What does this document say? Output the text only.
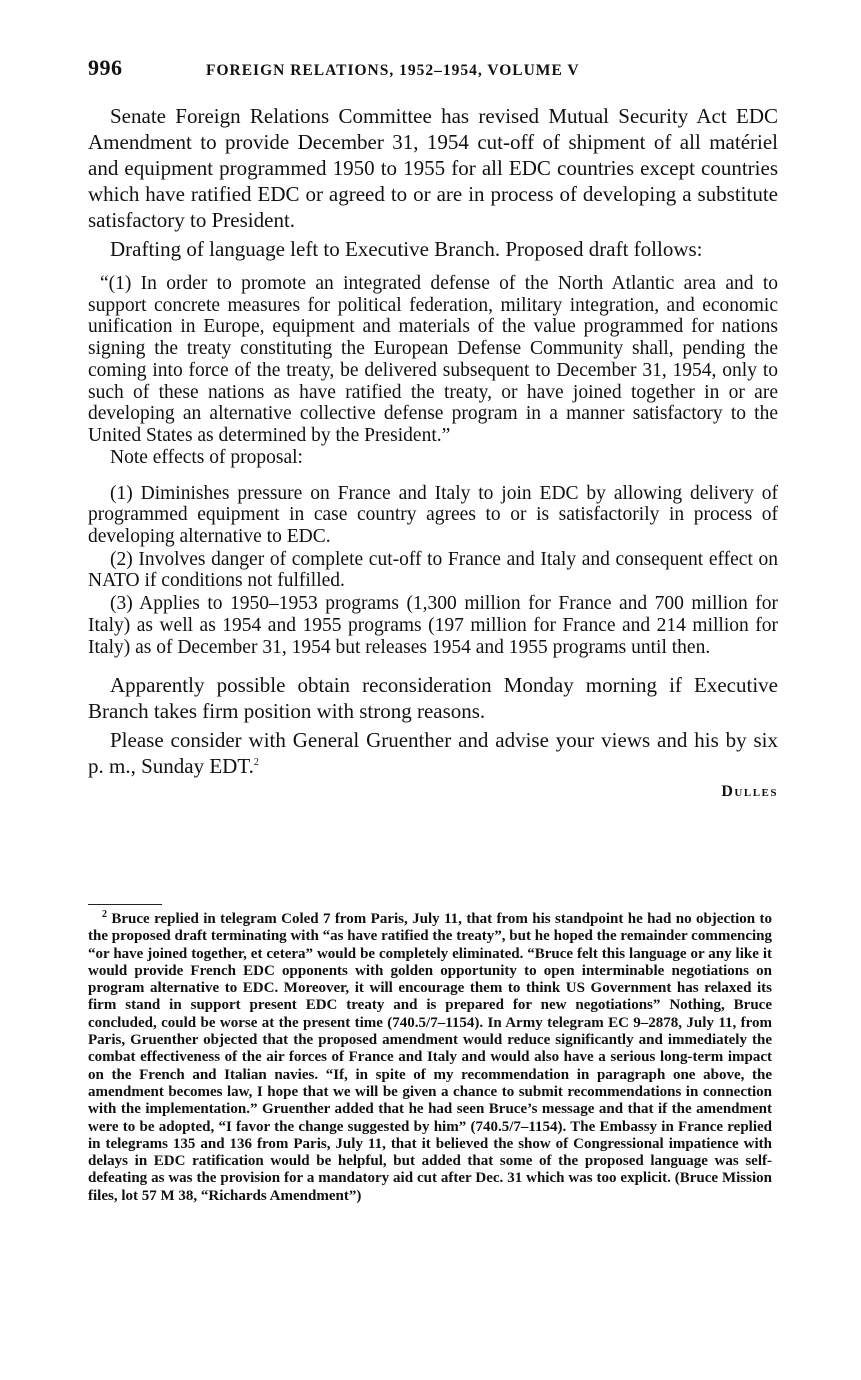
996	FOREIGN RELATIONS, 1952–1954, VOLUME V

Senate Foreign Relations Committee has revised Mutual Security Act EDC Amendment to provide December 31, 1954 cut-off of shipment of all matériel and equipment programmed 1950 to 1955 for all EDC countries except countries which have ratified EDC or agreed to or are in process of developing a substitute satisfactory to President.

Drafting of language left to Executive Branch. Proposed draft follows:

“(1) In order to promote an integrated defense of the North Atlantic area and to support concrete measures for political federation, military integration, and economic unification in Europe, equipment and materials of the value programmed for nations signing the treaty constituting the European Defense Community shall, pending the coming into force of the treaty, be delivered subsequent to December 31, 1954, only to such of these nations as have ratified the treaty, or have joined together in or are developing an alternative collective defense program in a manner satisfactory to the United States as determined by the President.”

Note effects of proposal:

(1) Diminishes pressure on France and Italy to join EDC by allowing delivery of programmed equipment in case country agrees to or is satisfactorily in process of developing alternative to EDC.

(2) Involves danger of complete cut-off to France and Italy and consequent effect on NATO if conditions not fulfilled.

(3) Applies to 1950–1953 programs (1,300 million for France and 700 million for Italy) as well as 1954 and 1955 programs (197 million for France and 214 million for Italy) as of December 31, 1954 but releases 1954 and 1955 programs until then.

Apparently possible obtain reconsideration Monday morning if Executive Branch takes firm position with strong reasons.

Please consider with General Gruenther and advise your views and his by six p. m., Sunday EDT.$^2$

Dulles

$^2$ Bruce replied in telegram Coled 7 from Paris, July 11, that from his standpoint he had no objection to the proposed draft terminating with “as have ratified the treaty”, but he hoped the remainder commencing “or have joined together, et cetera” would be completely eliminated. “Bruce felt this language or any like it would provide French EDC opponents with golden opportunity to open interminable negotiations on program alternative to EDC. Moreover, it will encourage them to think US Government has relaxed its firm stand in support present EDC treaty and is prepared for new negotiations” Nothing, Bruce concluded, could be worse at the present time (740.5/7–1154). In Army telegram EC 9–2878, July 11, from Paris, Gruenther objected that the proposed amendment would reduce significantly and immediately the combat effectiveness of the air forces of France and Italy and would also have a serious long-term impact on the French and Italian navies. “If, in spite of my recommendation in paragraph one above, the amendment becomes law, I hope that we will be given a chance to submit recommendations in connection with the implementation.” Gruenther added that he had seen Bruce’s message and that if the amendment were to be adopted, “I favor the change suggested by him” (740.5/7–1154). The Embassy in France replied in telegrams 135 and 136 from Paris, July 11, that it believed the show of Congressional impatience with delays in EDC ratification would be helpful, but added that some of the proposed language was self-defeating as was the provision for a mandatory aid cut after Dec. 31 which was too explicit. (Bruce Mission files, lot 57 M 38, “Richards Amendment”)
